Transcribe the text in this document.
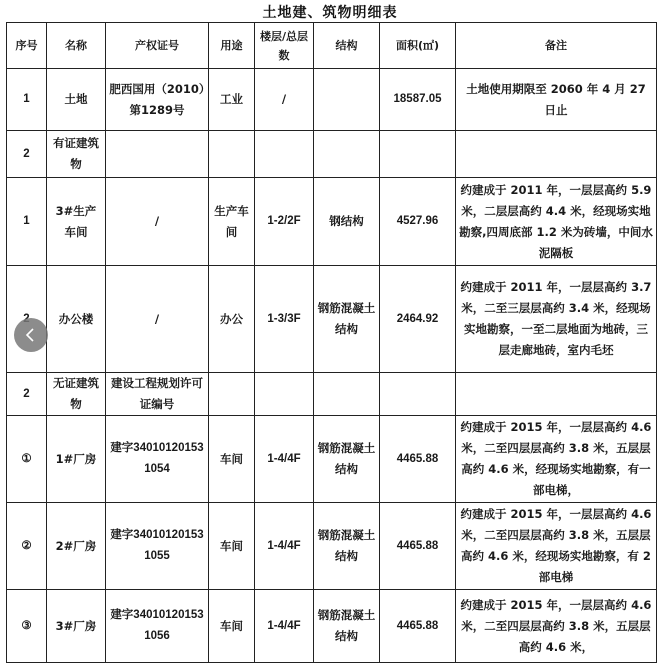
土地建、筑物明细表
序号	名称	产权证号	用途	楼层/总层数	结构	面积(㎡)	备注
1	土地	肥西国用（2010）第1289号	工业	/		18587.05	土地使用期限至 2060 年 4 月 27 日止
2	有证建筑物						
1	3#生产车间	/	生产车间	1-2/2F	钢结构	4527.96	约建成于 2011 年，一层层高约 5.9 米，二层层高约 4.4 米，经现场实地勘察,四周底部 1.2 米为砖墙，中间水泥隔板
	办公楼	/	办公	1-3/3F	钢筋混凝土结构	2464.92	约建成于 2011 年，一层层高约 3.7 米，二至三层层高约 3.4 米，经现场实地勘察，一至二层地面为地砖，三层走廊地砖，室内毛坯
2	无证建筑物	建设工程规划许可证编号					
①	1#厂房	建字340101201531054	车间	1-4/4F	钢筋混凝土结构	4465.88	约建成于 2015 年，一层层高约 4.6 米，二至四层层高约 3.8 米，五层层高约 4.6 米，经现场实地勘察，有一部电梯，
②	2#厂房	建字340101201531055	车间	1-4/4F	钢筋混凝土结构	4465.88	约建成于 2015 年，一层层高约 4.6 米，二至四层层高约 3.8 米，五层层高约 4.6 米，经现场实地勘察，有 2 部电梯
③	3#厂房	建字340101201531056	车间	1-4/4F	钢筋混凝土结构	4465.88	约建成于 2015 年，一层层高约 4.6 米，二至四层层高约 3.8 米，五层层高约 4.6 米，
